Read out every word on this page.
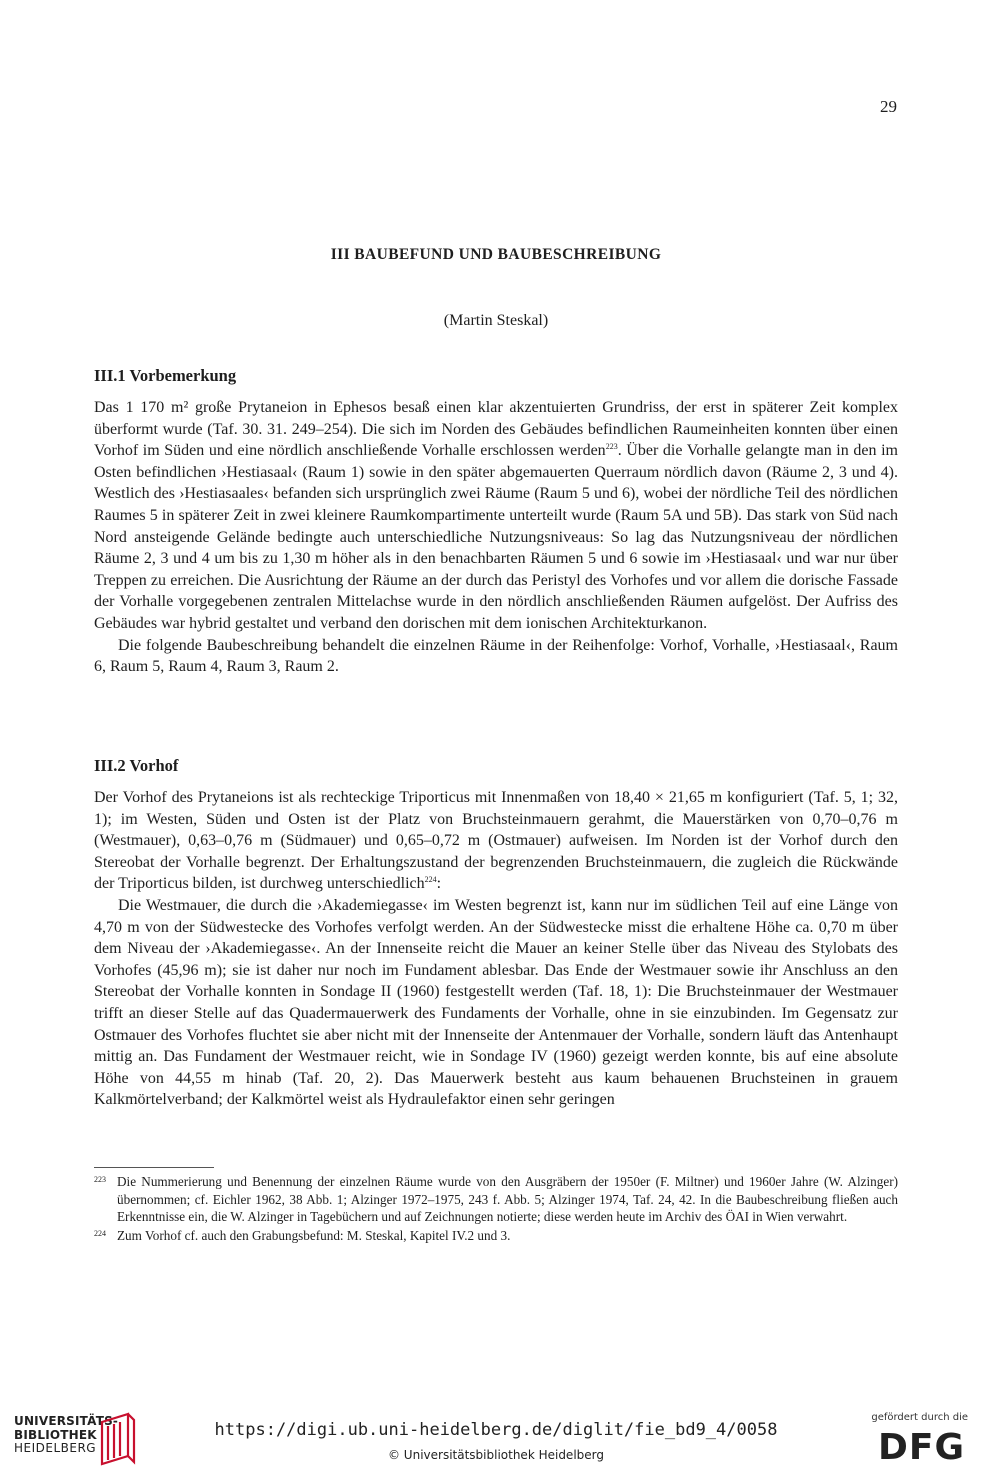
29
III BAUBEFUND UND BAUBESCHREIBUNG
(Martin Steskal)
III.1 Vorbemerkung

Das 1 170 m² große Prytaneion in Ephesos besaß einen klar akzentuierten Grundriss, der erst in späterer Zeit komplex überformt wurde (Taf. 30. 31. 249–254). Die sich im Norden des Gebäudes befindlichen Raumeinheiten konnten über einen Vorhof im Süden und eine nördlich anschließende Vorhalle erschlossen werden$^{223}$. Über die Vorhalle gelangte man in den im Osten befindlichen ›Hestiasaal‹ (Raum 1) sowie in den später abgemauerten Querraum nördlich davon (Räume 2, 3 und 4). Westlich des ›Hestiasaales‹ befanden sich ursprünglich zwei Räume (Raum 5 und 6), wobei der nördliche Teil des nördlichen Raumes 5 in späterer Zeit in zwei kleinere Raumkompartimente unterteilt wurde (Raum 5A und 5B). Das stark von Süd nach Nord ansteigende Gelände bedingte auch unterschiedliche Nutzungsniveaus: So lag das Nutzungsniveau der nördlichen Räume 2, 3 und 4 um bis zu 1,30 m höher als in den benachbarten Räumen 5 und 6 sowie im ›Hestiasaal‹ und war nur über Treppen zu erreichen. Die Ausrichtung der Räume an der durch das Peristyl des Vorhofes und vor allem die dorische Fassade der Vorhalle vorgegebenen zentralen Mittelachse wurde in den nördlich anschließenden Räumen aufgelöst. Der Aufriss des Gebäudes war hybrid gestaltet und verband den dorischen mit dem ionischen Architekturkanon.

Die folgende Baubeschreibung behandelt die einzelnen Räume in der Reihenfolge: Vorhof, Vorhalle, ›Hestiasaal‹, Raum 6, Raum 5, Raum 4, Raum 3, Raum 2.

III.2 Vorhof

Der Vorhof des Prytaneions ist als rechteckige Triporticus mit Innenmaßen von 18,40 × 21,65 m konfiguriert (Taf. 5, 1; 32, 1); im Westen, Süden und Osten ist der Platz von Bruchsteinmauern gerahmt, die Mauerstärken von 0,70–0,76 m (Westmauer), 0,63–0,76 m (Südmauer) und 0,65–0,72 m (Ostmauer) aufweisen. Im Norden ist der Vorhof durch den Stereobat der Vorhalle begrenzt. Der Erhaltungszustand der begrenzenden Bruchsteinmauern, die zugleich die Rückwände der Triporticus bilden, ist durchweg unterschiedlich$^{224}$:

Die Westmauer, die durch die ›Akademiegasse‹ im Westen begrenzt ist, kann nur im südlichen Teil auf eine Länge von 4,70 m von der Südwestecke des Vorhofes verfolgt werden. An der Südwestecke misst die erhaltene Höhe ca. 0,70 m über dem Niveau der ›Akademiegasse‹. An der Innenseite reicht die Mauer an keiner Stelle über das Niveau des Stylobats des Vorhofes (45,96 m); sie ist daher nur noch im Fundament ablesbar. Das Ende der Westmauer sowie ihr Anschluss an den Stereobat der Vorhalle konnten in Sondage II (1960) festgestellt werden (Taf. 18, 1): Die Bruchsteinmauer der Westmauer trifft an dieser Stelle auf das Quadermauerwerk des Fundaments der Vorhalle, ohne in sie einzubinden. Im Gegensatz zur Ostmauer des Vorhofes fluchtet sie aber nicht mit der Innenseite der Antenmauer der Vorhalle, sondern läuft das Antenhaupt mittig an. Das Fundament der Westmauer reicht, wie in Sondage IV (1960) gezeigt werden konnte, bis auf eine absolute Höhe von 44,55 m hinab (Taf. 20, 2). Das Mauerwerk besteht aus kaum behauenen Bruchsteinen in grauem Kalkmörtelverband; der Kalkmörtel weist als Hydraulefaktor einen sehr geringen

223 Die Nummerierung und Benennung der einzelnen Räume wurde von den Ausgräbern der 1950er (F. Miltner) und 1960er Jahre (W. Alzinger) übernommen; cf. Eichler 1962, 38 Abb. 1; Alzinger 1972–1975, 243 f. Abb. 5; Alzinger 1974, Taf. 24, 42. In die Baubeschreibung fließen auch Erkenntnisse ein, die W. Alzinger in Tagebüchern und auf Zeichnungen notierte; diese werden heute im Archiv des ÖAI in Wien verwahrt.
224 Zum Vorhof cf. auch den Grabungsbefund: M. Steskal, Kapitel IV.2 und 3.
UNIVERSITÄTS-
BIBLIOTHEK
HEIDELBERG
https://digi.ub.uni-heidelberg.de/diglit/fie_bd9_4/0058
© Universitätsbibliothek Heidelberg
gefördert durch die
DFG
